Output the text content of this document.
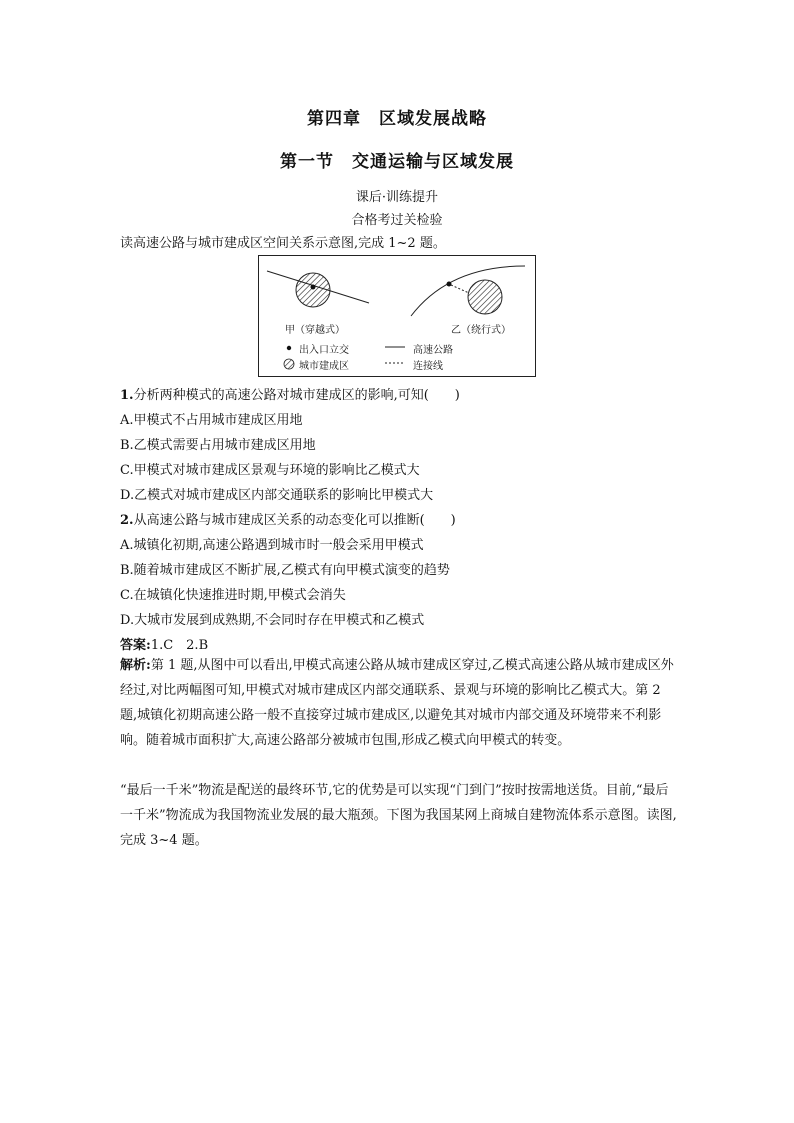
第四章　区域发展战略
第一节　交通运输与区域发展
课后·训练提升
合格考过关检验
读高速公路与城市建成区空间关系示意图,完成 1~2 题。
甲（穿越式）	乙（绕行式）
出入口立交	高速公路
城市建成区	连接线
1.分析两种模式的高速公路对城市建成区的影响,可知(　　)
A.甲模式不占用城市建成区用地
B.乙模式需要占用城市建成区用地
C.甲模式对城市建成区景观与环境的影响比乙模式大
D.乙模式对城市建成区内部交通联系的影响比甲模式大
2.从高速公路与城市建成区关系的动态变化可以推断(　　)
A.城镇化初期,高速公路遇到城市时一般会采用甲模式
B.随着城市建成区不断扩展,乙模式有向甲模式演变的趋势
C.在城镇化快速推进时期,甲模式会消失
D.大城市发展到成熟期,不会同时存在甲模式和乙模式
答案:1.C　2.B
解析:第 1 题,从图中可以看出,甲模式高速公路从城市建成区穿过,乙模式高速公路从城市建成区外经过,对比两幅图可知,甲模式对城市建成区内部交通联系、景观与环境的影响比乙模式大。第 2 题,城镇化初期高速公路一般不直接穿过城市建成区,以避免其对城市内部交通及环境带来不利影响。随着城市面积扩大,高速公路部分被城市包围,形成乙模式向甲模式的转变。
“最后一千米”物流是配送的最终环节,它的优势是可以实现“门到门”按时按需地送货。目前,“最后一千米”物流成为我国物流业发展的最大瓶颈。下图为我国某网上商城自建物流体系示意图。读图,完成 3~4 题。
